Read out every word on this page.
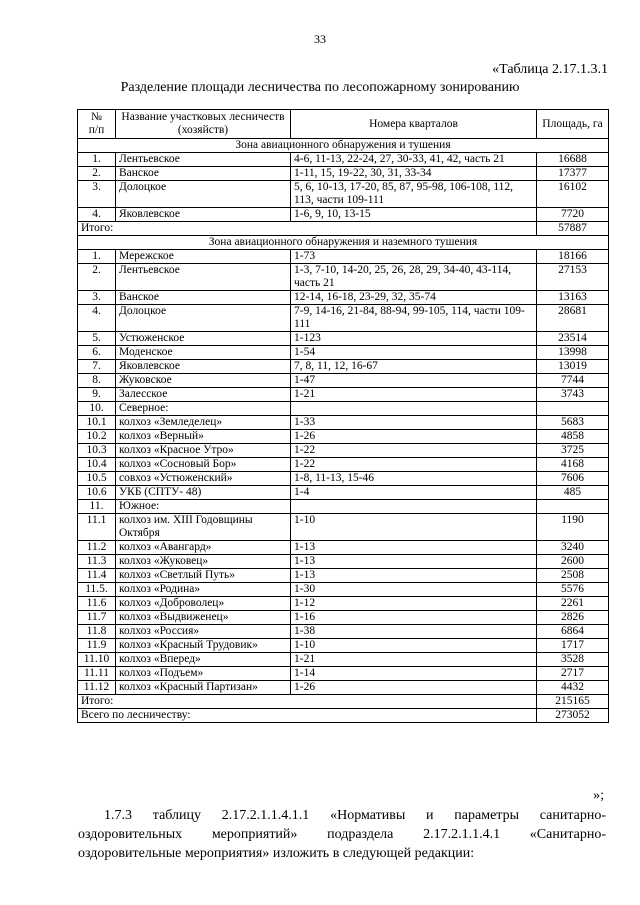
33
«Таблица 2.17.1.3.1
Разделение площади лесничества по лесопожарному зонированию
№
п/п	Название участковых лесничеств (хозяйств)	Номера кварталов	Площадь, га
Зона авиационного обнаружения и тушения			
1.	Лентьевское	4-6, 11-13, 22-24, 27, 30-33, 41, 42, часть 21	16688
2.	Ванское	1-11, 15, 19-22, 30, 31, 33-34	17377
3.	Долоцкое	5, 6, 10-13, 17-20, 85, 87, 95-98, 106-108, 112, 113, части 109-111	16102
4.	Яковлевское	1-6, 9, 10, 13-15	7720
Итого:			57887
Зона авиационного обнаружения и наземного тушения			
1.	Мережское	1-73	18166
2.	Лентьевское	1-3, 7-10, 14-20, 25, 26, 28, 29, 34-40, 43-114, часть 21	27153
3.	Ванское	12-14, 16-18, 23-29, 32, 35-74	13163
4.	Долоцкое	7-9, 14-16, 21-84, 88-94, 99-105, 114, части 109-111	28681
5.	Устюженское	1-123	23514
6.	Моденское	1-54	13998
7.	Яковлевское	7, 8, 11, 12, 16-67	13019
8.	Жуковское	1-47	7744
9.	Залесское	1-21	3743
10.	Северное:		
10.1	колхоз «Земледелец»	1-33	5683
10.2	колхоз «Верный»	1-26	4858
10.3	колхоз «Красное Утро»	1-22	3725
10.4	колхоз «Сосновый Бор»	1-22	4168
10.5	совхоз «Устюженский»	1-8, 11-13, 15-46	7606
10.6	УКБ (СПТУ- 48)	1-4	485
11.	Южное:		
11.1	колхоз им. XIII Годовщины Октября	1-10	1190
11.2	колхоз «Авангард»	1-13	3240
11.3	колхоз «Жуковец»	1-13	2600
11.4	колхоз «Светлый Путь»	1-13	2508
11.5.	колхоз «Родина»	1-30	5576
11.6	колхоз «Доброволец»	1-12	2261
11.7	колхоз «Выдвиженец»	1-16	2826
11.8	колхоз «Россия»	1-38	6864
11.9	колхоз «Красный Трудовик»	1-10	1717
11.10	колхоз «Вперед»	1-21	3528
11.11	колхоз «Подъем»	1-14	2717
11.12	колхоз «Красный Партизан»	1-26	4432
Итого:			215165
Всего по лесничеству:			273052
»;
1.7.3 таблицу 2.17.2.1.1.4.1.1 «Нормативы и параметры санитарно-
оздоровительных мероприятий» подраздела 2.17.2.1.1.4.1 «Санитарно-
оздоровительные мероприятия» изложить в следующей редакции:
